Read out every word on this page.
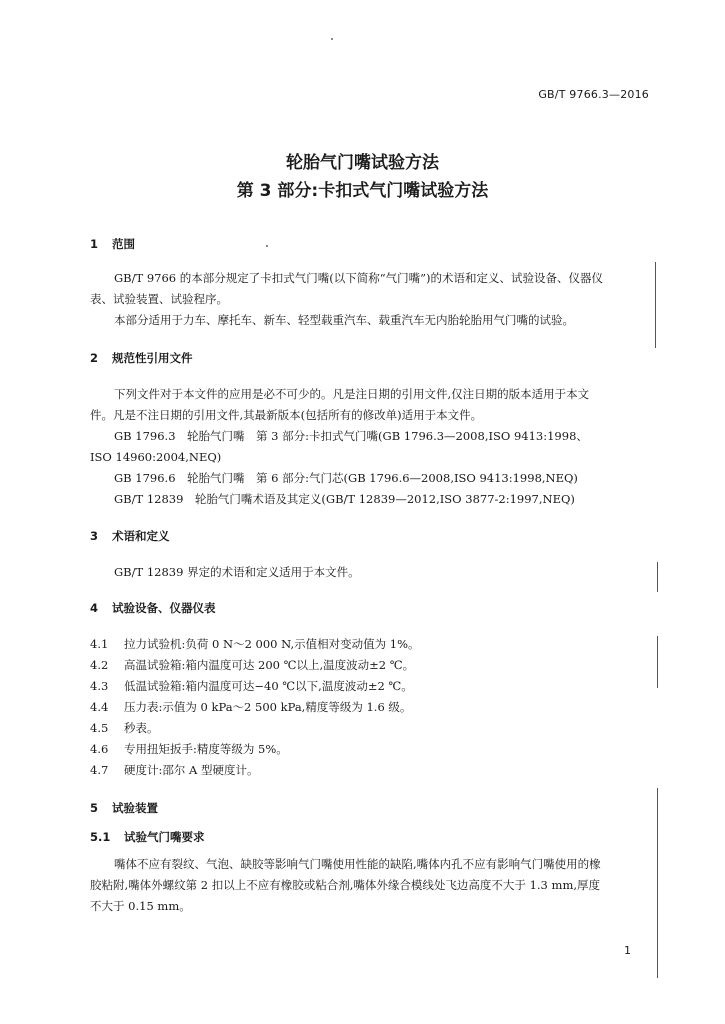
GB/T 9766.3—2016
轮胎气门嘴试验方法
第 3 部分:卡扣式气门嘴试验方法
1 范围
GB/T 9766 的本部分规定了卡扣式气门嘴(以下简称“气门嘴”)的术语和定义、试验设备、仪器仪
表、试验装置、试验程序。
本部分适用于力车、摩托车、新车、轻型载重汽车、载重汽车无内胎轮胎用气门嘴的试验。
2 规范性引用文件
下列文件对于本文件的应用是必不可少的。凡是注日期的引用文件,仅注日期的版本适用于本文
件。凡是不注日期的引用文件,其最新版本(包括所有的修改单)适用于本文件。
GB 1796.3　轮胎气门嘴　第 3 部分:卡扣式气门嘴(GB 1796.3—2008,ISO 9413:1998、
ISO 14960:2004,NEQ)
GB 1796.6　轮胎气门嘴　第 6 部分:气门芯(GB 1796.6—2008,ISO 9413:1998,NEQ)
GB/T 12839　轮胎气门嘴术语及其定义(GB/T 12839—2012,ISO 3877-2:1997,NEQ)
3 术语和定义
GB/T 12839 界定的术语和定义适用于本文件。
4 试验设备、仪器仪表
4.1 拉力试验机:负荷 0 N～2 000 N,示值相对变动值为 1%。
4.2 高温试验箱:箱内温度可达 200 ℃以上,温度波动±2 ℃。
4.3 低温试验箱:箱内温度可达−40 ℃以下,温度波动±2 ℃。
4.4 压力表:示值为 0 kPa～2 500 kPa,精度等级为 1.6 级。
4.5 秒表。
4.6 专用扭矩扳手:精度等级为 5%。
4.7 硬度计:邵尔 A 型硬度计。
5 试验装置
5.1 试验气门嘴要求
嘴体不应有裂纹、气泡、缺胶等影响气门嘴使用性能的缺陷,嘴体内孔不应有影响气门嘴使用的橡
胶粘附,嘴体外螺纹第 2 扣以上不应有橡胶或粘合剂,嘴体外缘合模线处飞边高度不大于 1.3 mm,厚度
不大于 0.15 mm。
1
